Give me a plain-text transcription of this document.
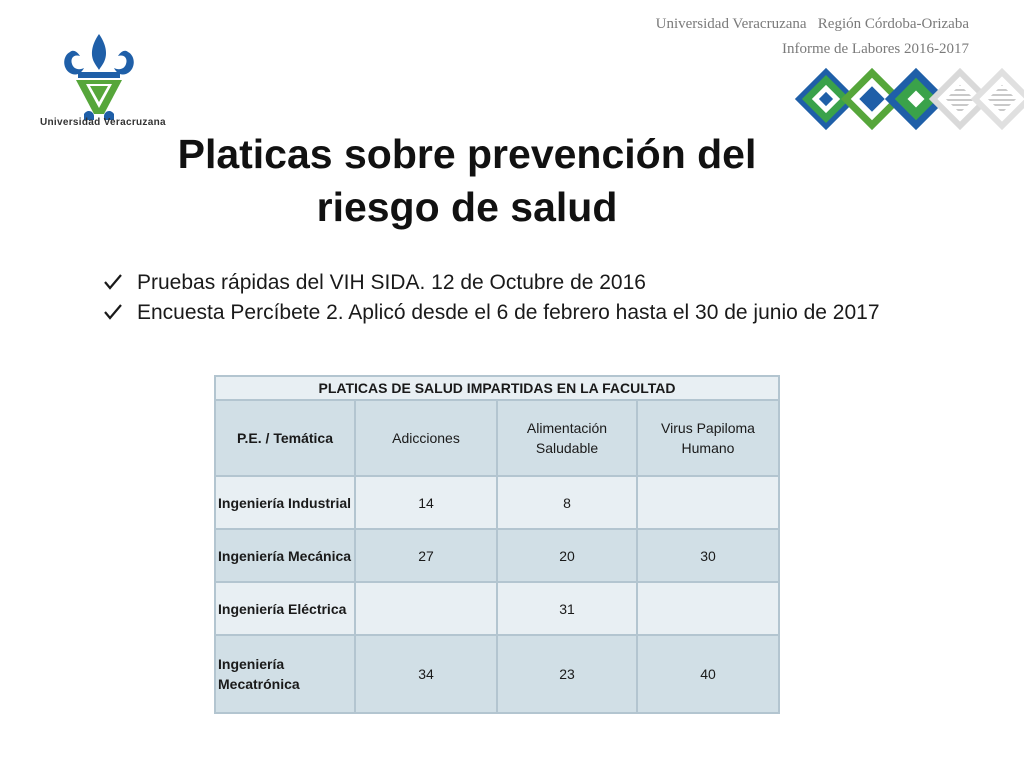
Universidad Veracruzana   Región Córdoba-Orizaba
Informe de Labores 2016-2017
Universidad Veracruzana
Platicas sobre prevención del
riesgo de salud
Pruebas rápidas del VIH SIDA. 12 de Octubre de 2016
Encuesta Percíbete 2. Aplicó desde el 6 de febrero hasta el 30 de junio de 2017
PLATICAS DE SALUD IMPARTIDAS EN LA FACULTAD			
P.E. / Temática	Adicciones	Alimentación Saludable	Virus Papiloma Humano
Ingeniería Industrial	14	8	
Ingeniería Mecánica	27	20	30
Ingeniería Eléctrica		31	
Ingeniería Mecatrónica	34	23	40
